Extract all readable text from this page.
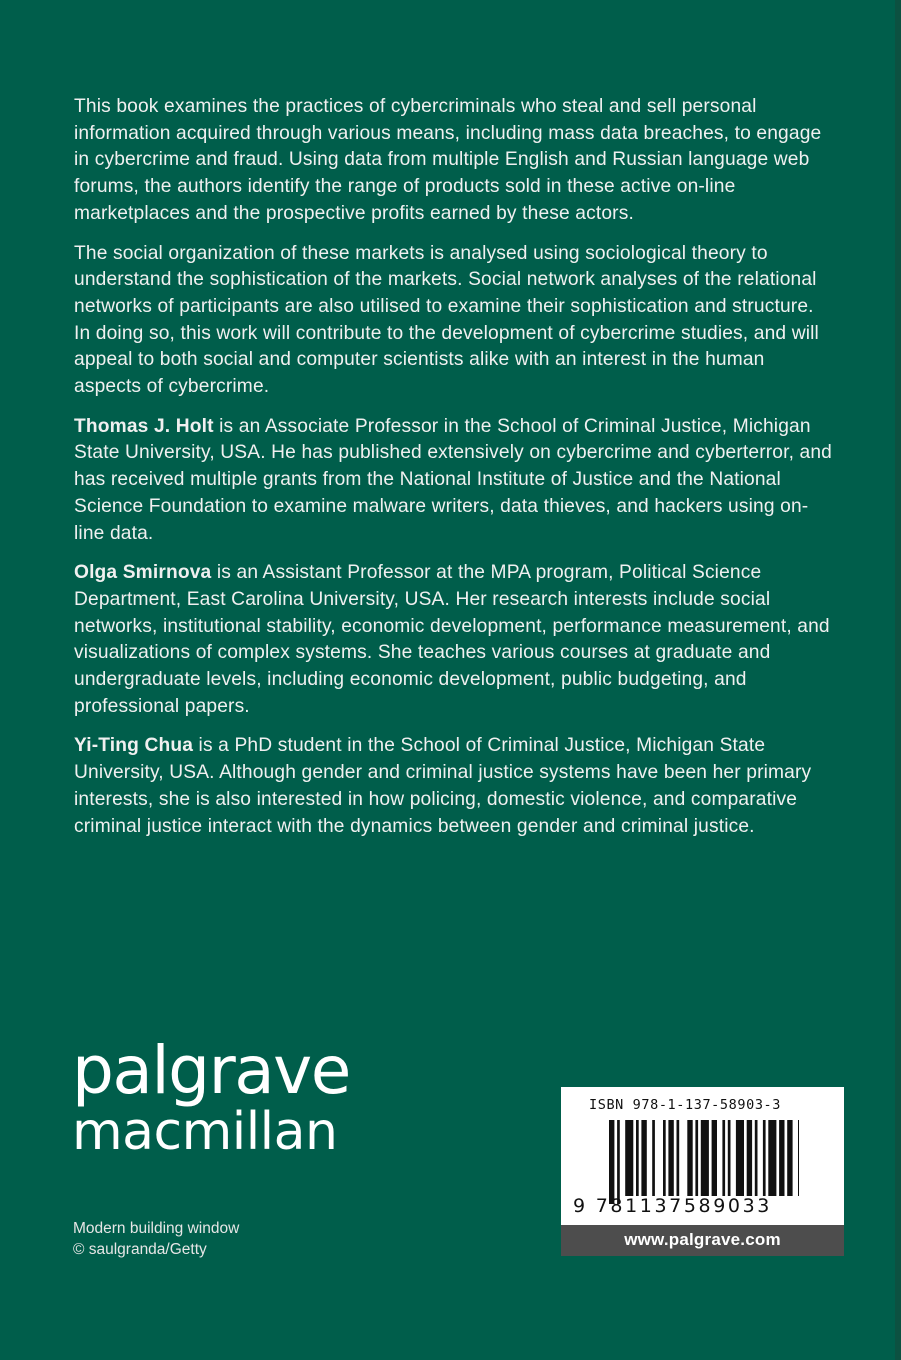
This book examines the practices of cybercriminals who steal and sell personal information acquired through various means, including mass data breaches, to engage in cybercrime and fraud. Using data from multiple English and Russian language web forums, the authors identify the range of products sold in these active on-line marketplaces and the prospective profits earned by these actors.

The social organization of these markets is analysed using sociological theory to understand the sophistication of the markets. Social network analyses of the relational networks of participants are also utilised to examine their sophistication and structure. In doing so, this work will contribute to the development of cybercrime studies, and will appeal to both social and computer scientists alike with an interest in the human aspects of cybercrime.

Thomas J. Holt is an Associate Professor in the School of Criminal Justice, Michigan State University, USA. He has published extensively on cybercrime and cyberterror, and has received multiple grants from the National Institute of Justice and the National Science Foundation to examine malware writers, data thieves, and hackers using on-line data.

Olga Smirnova is an Assistant Professor at the MPA program, Political Science Department, East Carolina University, USA. Her research interests include social networks, institutional stability, economic development, performance measurement, and visualizations of complex systems. She teaches various courses at graduate and undergraduate levels, including economic development, public budgeting, and professional papers.

Yi-Ting Chua is a PhD student in the School of Criminal Justice, Michigan State University, USA. Although gender and criminal justice systems have been her primary interests, she is also interested in how policing, domestic violence, and comparative criminal justice interact with the dynamics between gender and criminal justice.

palgrave
macmillan
Modern building window
© saulgranda/Getty
ISBN 978-1-137-58903-3
9 781137589033
www.palgrave.com
